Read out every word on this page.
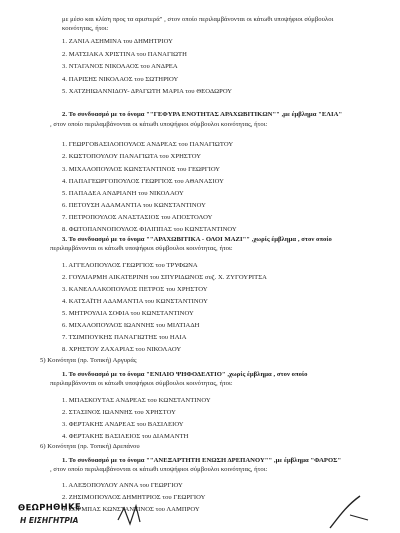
με μέσο και κλίση προς τα αριστερά" , στον οποίο περιλαμβάνονται οι κάτωθι υποψήφιοι σύμβουλοι
κοινότητας, ήτοι:
1. ΖΑΝΙΑ ΑΣΗΜΙΝΑ του ΔΗΜΗΤΡΙΟΥ
2. ΜΑΤΣΙΑΚΑ ΧΡΙΣΤΙΝΑ του ΠΑΝΑΓΙΩΤΗ
3. ΝΤΑΓΑΝΟΣ ΝΙΚΟΛΑΟΣ του ΑΝΔΡΕΑ
4. ΠΑΡΙΣΗΣ ΝΙΚΟΛΑΟΣ του ΣΩΤΗΡΙΟΥ
5. ΧΑΤΖΗΙΩΑΝΝΙΔΟΥ- ΔΡΑΓΩΤΗ ΜΑΡΙΑ του ΘΕΟΔΩΡΟΥ
2. Το συνδυασμό με το όνομα ""ΓΕΦΥΡΑ ΕΝΟΤΗΤΑΣ ΑΡΑΧΩΒΙΤΙΚΩΝ"" ,με έμβλημα "ΕΛΙΑ"
, στον οποίο περιλαμβάνονται οι κάτωθι υποψήφιοι σύμβουλοι κοινότητας, ήτοι:
1. ΓΕΩΡΓΟΒΑΣΙΛΟΠΟΥΛΟΣ ΑΝΔΡΕΑΣ του ΠΑΝΑΓΙΩΤΟΥ
2. ΚΩΣΤΟΠΟΥΛΟΥ ΠΑΝΑΓΙΩΤΑ του ΧΡΗΣΤΟΥ
3. ΜΙΧΑΛΟΠΟΥΛΟΣ ΚΩΝΣΤΑΝΤΙΝΟΣ του ΓΕΩΡΓΙΟΥ
4. ΠΑΠΑΓΕΩΡΓΟΠΟΥΛΟΣ ΓΕΩΡΓΙΟΣ του ΑΘΑΝΑΣΙΟΥ
5. ΠΑΠΑΔΕΑ ΑΝΔΡΙΑΝΗ του ΝΙΚΟΛΑΟΥ
6. ΠΕΤΟΥΣΗ ΑΔΑΜΑΝΤΙΑ του ΚΩΝΣΤΑΝΤΙΝΟΥ
7. ΠΕΤΡΟΠΟΥΛΟΣ ΑΝΑΣΤΑΣΙΟΣ του ΑΠΟΣΤΟΛΟΥ
8. ΦΩΤΟΠΑΝΝΟΠΟΥΛΟΣ ΦΙΛΙΠΠΑΣ του ΚΩΝΣΤΑΝΤΙΝΟΥ
3. Το συνδυασμό με το όνομα ""ΑΡΑΧΩΒΙΤΙΚΑ - ΟΛΟΙ ΜΑΖΙ"" ,χωρίς έμβλημα , στον οποίο
περιλαμβάνονται οι κάτωθι υποψήφιοι σύμβουλοι κοινότητας, ήτοι:
1. ΑΓΓΕΛΟΠΟΥΛΟΣ ΓΕΩΡΓΙΟΣ του ΤΡΥΦΩΝΑ
2. ΓΟΥΛΙΑΡΜΗ ΑΙΚΑΤΕΡΙΝΗ του ΣΠΥΡΙΔΩΝΟΣ συζ. Χ. ΖΥΓΟΥΡΙΤΣΑ
3. ΚΑΝΕΛΛΑΚΟΠΟΥΛΟΣ ΠΕΤΡΟΣ του ΧΡΗΣΤΟΥ
4. ΚΑΤΣΑΪΤΗ ΑΔΑΜΑΝΤΙΑ του ΚΩΝΣΤΑΝΤΙΝΟΥ
5. ΜΗΤΡΟΥΛΙΑ ΣΟΦΙΑ του ΚΩΝΣΤΑΝΤΙΝΟΥ
6. ΜΙΧΑΛΟΠΟΥΛΟΣ ΙΩΑΝΝΗΣ του ΜΙΛΤΙΑΔΗ
7. ΤΣΙΜΠΟΥΚΗΣ ΠΑΝΑΓΙΩΤΗΣ του ΗΛΙΑ
8. ΧΡΗΣΤΟΥ ΖΑΧΑΡΙΑΣ του ΝΙΚΟΛΑΟΥ
5) Κοινότητα (πρ. Τοπική) Αργυράς
1. Το συνδυασμό με το όνομα "ΕΝΙΑΙΟ ΨΗΦΟΔΕΛΤΙΟ" ,χωρίς έμβλημα , στον οποίο
περιλαμβάνονται οι κάτωθι υποψήφιοι σύμβουλοι κοινότητας, ήτοι:
1. ΜΠΑΣΚΟΥΤΑΣ ΑΝΔΡΕΑΣ του ΚΩΝΣΤΑΝΤΙΝΟΥ
2. ΣΤΑΣΙΝΟΣ ΙΩΑΝΝΗΣ του ΧΡΗΣΤΟΥ
3. ΦΕΡΤΑΚΗΣ ΑΝΔΡΕΑΣ του ΒΑΣΙΛΕΙΟΥ
4. ΦΕΡΤΑΚΗΣ ΒΑΣΙΛΕΙΟΣ του ΔΙΑΜΑΝΤΗ
6) Κοινότητα (πρ. Τοπική) Δρεπάνου
1. Το συνδυασμό με το όνομα ""ΑΝΕΞΑΡΤΗΤΗ ΕΝΩΣΗ ΔΡΕΠΑΝΟΥ"" ,με έμβλημα "ΦΑΡΟΣ"
, στον οποίο περιλαμβάνονται οι κάτωθι υποψήφιοι σύμβουλοι κοινότητας, ήτοι:
1. ΑΛΕΞΟΠΟΥΛΟΥ ΑΝΝΑ του ΓΕΩΡΓΙΟΥ
2. ΖΗΣΙΜΟΠΟΥΛΟΣ ΔΗΜΗΤΡΙΟΣ του ΓΕΩΡΓΙΟΥ
3. ΖΟΡΜΠΑΣ ΚΩΝΣΤΑΝΤΙΝΟΣ του ΛΑΜΠΡΟΥ
ΘΕΩΡΗΘΗΚΕ
Η ΕΙΣΗΓΗΤΡΙΑ
